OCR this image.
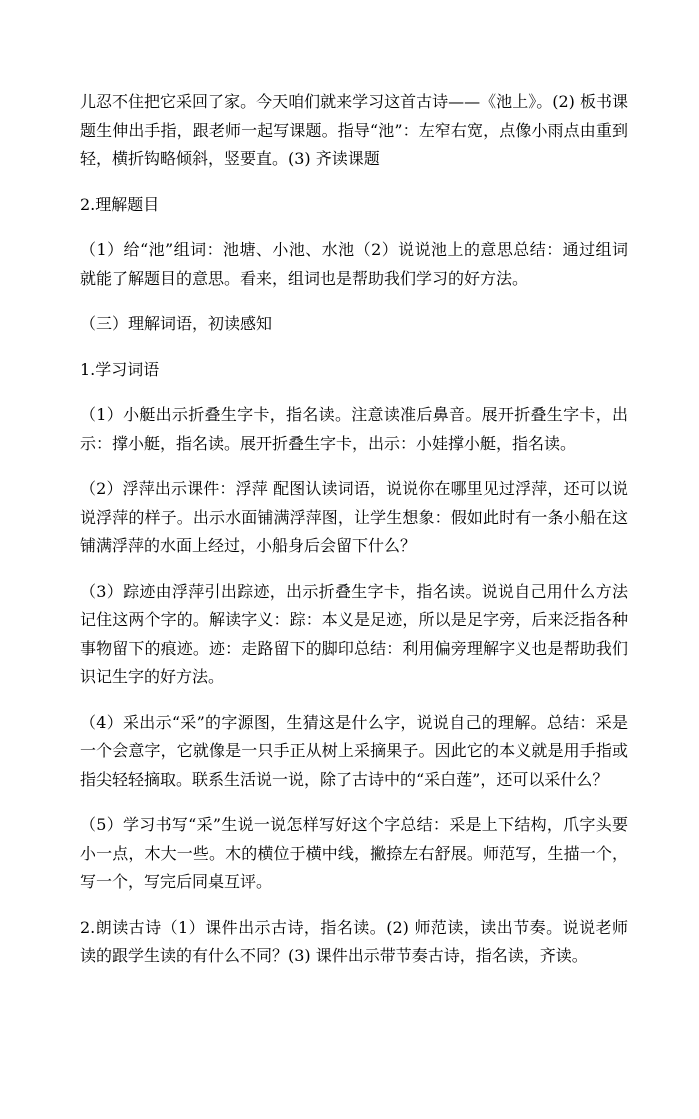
儿忍不住把它采回了家。今天咱们就来学习这首古诗——《池上》。(2) 板书课题生伸出手指，跟老师一起写课题。指导“池”：左窄右宽，点像小雨点由重到轻，横折钩略倾斜，竖要直。(3) 齐读课题

2.理解题目

（1）给“池”组词：池塘、小池、水池（2）说说池上的意思总结：通过组词就能了解题目的意思。看来，组词也是帮助我们学习的好方法。

（三）理解词语，初读感知

1.学习词语

（1）小艇出示折叠生字卡，指名读。注意读准后鼻音。展开折叠生字卡，出示：撑小艇，指名读。展开折叠生字卡，出示：小娃撑小艇，指名读。

（2）浮萍出示课件：浮萍 配图认读词语，说说你在哪里见过浮萍，还可以说说浮萍的样子。出示水面铺满浮萍图，让学生想象：假如此时有一条小船在这铺满浮萍的水面上经过，小船身后会留下什么？

（3）踪迹由浮萍引出踪迹，出示折叠生字卡，指名读。说说自己用什么方法记住这两个字的。解读字义：踪：本义是足迹，所以是足字旁，后来泛指各种事物留下的痕迹。迹：走路留下的脚印总结：利用偏旁理解字义也是帮助我们识记生字的好方法。

（4）采出示“采”的字源图，生猜这是什么字，说说自己的理解。总结：采是一个会意字，它就像是一只手正从树上采摘果子。因此它的本义就是用手指或指尖轻轻摘取。联系生活说一说，除了古诗中的“采白莲”，还可以采什么？

（5）学习书写“采”生说一说怎样写好这个字总结：采是上下结构，爪字头要小一点，木大一些。木的横位于横中线，撇捺左右舒展。师范写，生描一个，写一个，写完后同桌互评。

2.朗读古诗（1）课件出示古诗，指名读。(2) 师范读，读出节奏。说说老师读的跟学生读的有什么不同？(3) 课件出示带节奏古诗，指名读，齐读。
